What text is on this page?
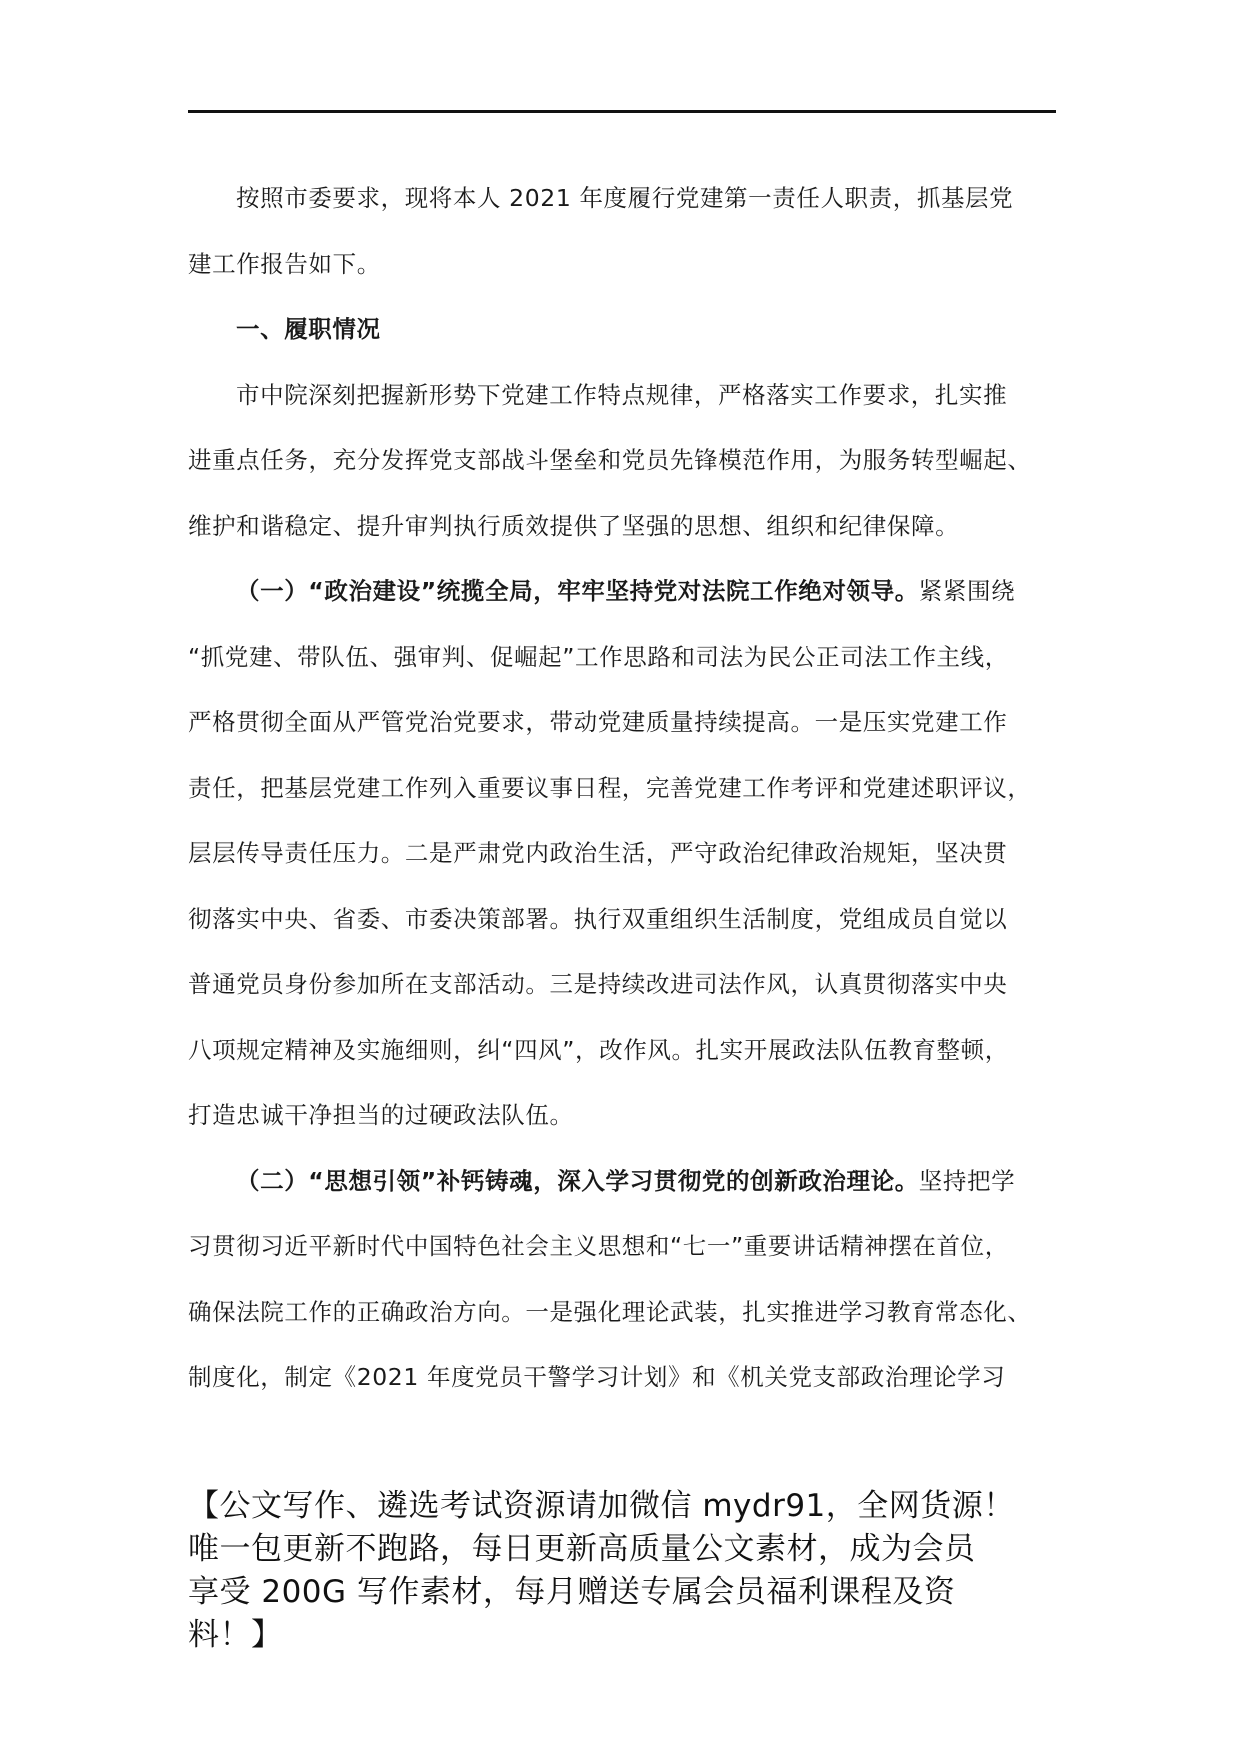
按照市委要求，现将本人 2021 年度履行党建第一责任人职责，抓基层党
建工作报告如下。
一、履职情况
市中院深刻把握新形势下党建工作特点规律，严格落实工作要求，扎实推
进重点任务，充分发挥党支部战斗堡垒和党员先锋模范作用，为服务转型崛起、
维护和谐稳定、提升审判执行质效提供了坚强的思想、组织和纪律保障。
（一）“政治建设”统揽全局，牢牢坚持党对法院工作绝对领导。紧紧围绕
“抓党建、带队伍、强审判、促崛起”工作思路和司法为民公正司法工作主线，
严格贯彻全面从严管党治党要求，带动党建质量持续提高。一是压实党建工作
责任，把基层党建工作列入重要议事日程，完善党建工作考评和党建述职评议，
层层传导责任压力。二是严肃党内政治生活，严守政治纪律政治规矩，坚决贯
彻落实中央、省委、市委决策部署。执行双重组织生活制度，党组成员自觉以
普通党员身份参加所在支部活动。三是持续改进司法作风，认真贯彻落实中央
八项规定精神及实施细则，纠“四风”，改作风。扎实开展政法队伍教育整顿，
打造忠诚干净担当的过硬政法队伍。
（二）“思想引领”补钙铸魂，深入学习贯彻党的创新政治理论。坚持把学
习贯彻习近平新时代中国特色社会主义思想和“七一”重要讲话精神摆在首位，
确保法院工作的正确政治方向。一是强化理论武装，扎实推进学习教育常态化、
制度化，制定《2021 年度党员干警学习计划》和《机关党支部政治理论学习
【公文写作、遴选考试资源请加微信 mydr91，全网货源！
唯一包更新不跑路，每日更新高质量公文素材，成为会员
享受 200G 写作素材，每月赠送专属会员福利课程及资
料！】
